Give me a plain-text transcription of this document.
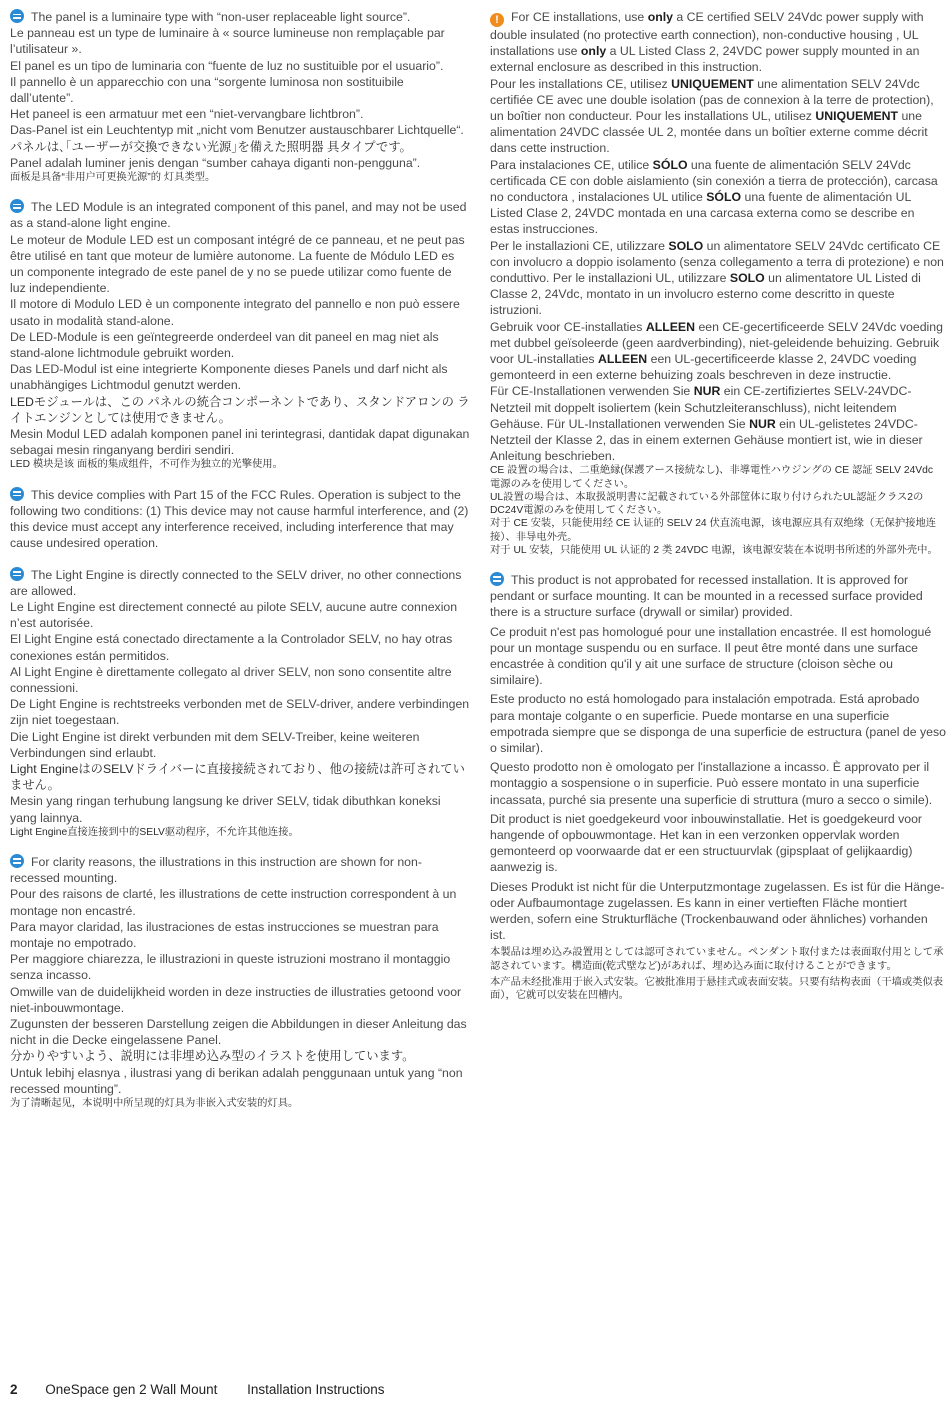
The panel is a luminaire type with “non-user replaceable light source”.

Le panneau est un type de luminaire à « source lumineuse non remplaçable par l’utilisateur ».

El panel es un tipo de luminaria con “fuente de luz no sustituible por el usuario”.

Il pannello è un apparecchio con una “sorgente luminosa non sostituibile dall’utente”.

Het paneel is een armatuur met een “niet-vervangbare lichtbron”.

Das-Panel ist ein Leuchtentyp mit „nicht vom Benutzer austauschbarer Lichtquelle“.

パネルは､｢ユーザーが交換できない光源｣を備えた照明器 具タイプです。

Panel adalah luminer jenis dengan “sumber cahaya diganti non-pengguna”.

面板是具备“非用户可更换光源”的 灯具类型。

The LED Module is an integrated component of this panel, and may not be used as a stand-alone light engine.

Le moteur de Module LED est un composant intégré de ce panneau, et ne peut pas être utilisé en tant que moteur de lumière autonome. La fuente de Módulo LED es un componente integrado de este panel de y no se puede utilizar como fuente de luz independiente.

Il motore di Modulo LED è un componente integrato del pannello e non può essere usato in modalità stand-alone.

De LED-Module is een geïntegreerde onderdeel van dit paneel en mag niet als stand-alone lichtmodule gebruikt worden.

Das LED-Modul ist eine integrierte Komponente dieses Panels und darf nicht als unabhängiges Lichtmodul genutzt werden.

LEDモジュールは、この パネルの統合コンポーネントであり、スタンドアロンの ライトエンジンとしては使用できません。

Mesin Modul LED adalah komponen panel ini terintegrasi, dantidak dapat digunakan sebagai mesin ringanyang berdiri sendiri.

LED 模块是该 面板的集成组件，不可作为独立的光擎使用。

This device complies with Part 15 of the FCC Rules. Operation is subject to the following two conditions: (1) This device may not cause harmful interference, and (2) this device must accept any interference received, including interference that may cause undesired operation.

The Light Engine is directly connected to the SELV driver, no other connections are allowed.

Le Light Engine est directement connecté au pilote SELV, aucune autre connexion n’est autorisée.

El Light Engine está conectado directamente a la Controlador SELV, no hay otras conexiones están permitidos.

Al Light Engine è direttamente collegato al driver SELV, non sono consentite altre connessioni.

De Light Engine is rechtstreeks verbonden met de SELV-driver, andere verbindingen zijn niet toegestaan.

Die Light Engine ist direkt verbunden mit dem SELV-Treiber, keine weiteren Verbindungen sind erlaubt.

Light EngineはのSELVドライバーに直接接続されており、他の接続は許可されていません。

Mesin yang ringan terhubung langsung ke driver SELV, tidak dibuthkan koneksi yang lainnya.

Light Engine直接连接到中的SELV驱动程序，不允许其他连接。

For clarity reasons, the illustrations in this instruction are shown for non-recessed mounting.

Pour des raisons de clarté, les illustrations de cette instruction correspondent à un montage non encastré.

Para mayor claridad, las ilustraciones de estas instrucciones se muestran para montaje no empotrado.

Per maggiore chiarezza, le illustrazioni in queste istruzioni mostrano il montaggio senza incasso.

Omwille van de duidelijkheid worden in deze instructies de illustraties getoond voor niet-inbouwmontage.

Zugunsten der besseren Darstellung zeigen die Abbildungen in dieser Anleitung das nicht in die Decke eingelassene Panel.

分かりやすいよう、説明には非埋め込み型のイラストを使用しています。

Untuk lebihj elasnya , ilustrasi yang di berikan adalah penggunaan untuk yang “non recessed mounting”.

为了清晰起见，本说明中所呈现的灯具为非嵌入式安装的灯具。

! For CE installations, use only a CE certified SELV 24Vdc power supply with double insulated (no protective earth connection), non-conductive housing , UL installations use only a UL Listed Class 2, 24VDC power supply mounted in an external enclosure as described in this instruction.

Pour les installations CE, utilisez UNIQUEMENT une alimentation SELV 24Vdc certifiée CE avec une double isolation (pas de connexion à la terre de protection), un boîtier non conducteur. Pour les installations UL, utilisez UNIQUEMENT une alimentation 24VDC classée UL 2, montée dans un boîtier externe comme décrit dans cette instruction.

Para instalaciones CE, utilice SÓLO una fuente de alimentación SELV 24Vdc certificada CE con doble aislamiento (sin conexión a tierra de protección), carcasa no conductora , instalaciones UL utilice SÓLO una fuente de alimentación UL Listed Clase 2, 24VDC montada en una carcasa externa como se describe en estas instrucciones.

Per le installazioni CE, utilizzare SOLO un alimentatore SELV 24Vdc certificato CE con involucro a doppio isolamento (senza collegamento a terra di protezione) e non conduttivo. Per le installazioni UL, utilizzare SOLO un alimentatore UL Listed di Classe 2, 24Vdc, montato in un involucro esterno come descritto in queste istruzioni.

Gebruik voor CE-installaties ALLEEN een CE-gecertificeerde SELV 24Vdc voeding met dubbel geïsoleerde (geen aardverbinding), niet-geleidende behuizing. Gebruik voor UL-installaties ALLEEN een UL-gecertificeerde klasse 2, 24VDC voeding gemonteerd in een externe behuizing zoals beschreven in deze instructie.

Für CE-Installationen verwenden Sie NUR ein CE-zertifiziertes SELV-24VDC-Netzteil mit doppelt isoliertem (kein Schutzleiteranschluss), nicht leitendem Gehäuse. Für UL-Installationen verwenden Sie NUR ein UL-gelistetes 24VDC-Netzteil der Klasse 2, das in einem externen Gehäuse montiert ist, wie in dieser Anleitung beschrieben.

CE 設置の場合は、二重絶縁(保護アース接続なし)、非導電性ハウジングの CE 認証 SELV 24Vdc 電源のみを使用してください。

UL設置の場合は、本取扱説明書に記載されている外部筐体に取り付けられたUL認証クラス2のDC24V電源のみを使用してください。

对于 CE 安装，只能使用经 CE 认证的 SELV 24 伏直流电源，该电源应具有双绝缘（无保护接地连接）、非导电外壳。

对于 UL 安装，只能使用 UL 认证的 2 类 24VDC 电源，该电源安装在本说明书所述的外部外壳中。

This product is not approbated for recessed installation. It is approved for pendant or surface mounting. It can be mounted in a recessed surface provided there is a structure surface (drywall or similar) provided.

Ce produit n'est pas homologué pour une installation encastrée. Il est homologué pour un montage suspendu ou en surface. Il peut être monté dans une surface encastrée à condition qu'il y ait une surface de structure (cloison sèche ou similaire).

Este producto no está homologado para instalación empotrada. Está aprobado para montaje colgante o en superficie. Puede montarse en una superficie empotrada siempre que se disponga de una superficie de estructura (panel de yeso o similar).

Questo prodotto non è omologato per l'installazione a incasso. È approvato per il montaggio a sospensione o in superficie. Può essere montato in una superficie incassata, purché sia presente una superficie di struttura (muro a secco o simile).

Dit product is niet goedgekeurd voor inbouwinstallatie. Het is goedgekeurd voor hangende of opbouwmontage. Het kan in een verzonken oppervlak worden gemonteerd op voorwaarde dat er een structuurvlak (gipsplaat of gelijkaardig) aanwezig is.

Dieses Produkt ist nicht für die Unterputzmontage zugelassen. Es ist für die Hänge- oder Aufbaumontage zugelassen. Es kann in einer vertieften Fläche montiert werden, sofern eine Strukturfläche (Trockenbauwand oder ähnliches) vorhanden ist.

本製品は埋め込み設置用としては認可されていません。ペンダント取付または表面取付用として承認されています。構造面(乾式壁など)があれば、埋め込み面に取付けることができます。

本产品未经批准用于嵌入式安装。它被批准用于悬挂式或表面安装。只要有结构表面（干墙或类似表面），它就可以安装在凹槽内。

2 OneSpace gen 2 Wall Mount Installation Instructions
